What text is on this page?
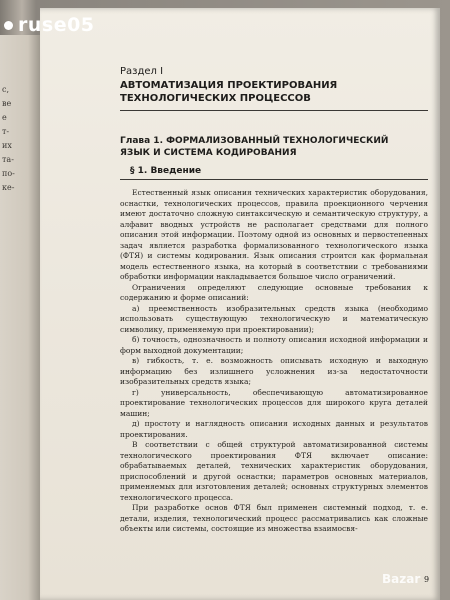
с,
ве
е
т-
их
та-
по-
ке-
Раздел I
АВТОМАТИЗАЦИЯ ПРОЕКТИРОВАНИЯ ТЕХНОЛОГИЧЕСКИХ ПРОЦЕССОВ
Глава 1. ФОРМАЛИЗОВАННЫЙ ТЕХНОЛОГИЧЕСКИЙ ЯЗЫК И СИСТЕМА КОДИРОВАНИЯ
§ 1. Введение

Естественный язык описания технических характеристик оборудования, оснастки, технологических процессов, правила проекционного черчения имеют достаточно сложную синтаксическую и семантическую структуру, а алфавит вводных устройств не располагает средствами для полного описания этой информации. Поэтому одной из основных и первостепенных задач является разработка формализованного технологического языка (ФТЯ) и системы кодирования. Язык описания строится как формальная модель естественного языка, на который в соответствии с требованиями обработки информации накладывается большое число ограничений.

Ограничения определяют следующие основные требования к содержанию и форме описаний:

а) преемственность изобразительных средств языка (необходимо использовать существующую технологическую и математическую символику, применяемую при проектировании);

б) точность, однозначность и полноту описания исходной информации и форм выходной документации;

в) гибкость, т. е. возможность описывать исходную и выходную информацию без излишнего усложнения из-за недостаточности изобразительных средств языка;

г) универсальность, обеспечивающую автоматизированное проектирование технологических процессов для широкого круга деталей машин;

д) простоту и наглядность описания исходных данных и результатов проектирования.

В соответствии с общей структурой автоматизированной системы технологического проектирования ФТЯ включает описание: обрабатываемых деталей, технических характеристик оборудования, приспособлений и другой оснастки; параметров основных материалов, применяемых для изготовления деталей; основных структурных элементов технологического процесса.

При разработке основ ФТЯ был применен системный подход, т. е. детали, изделия, технологический процесс рассматривались как сложные объекты или системы, состоящие из множества взаимосвя-

9
ruse05
Bazar
